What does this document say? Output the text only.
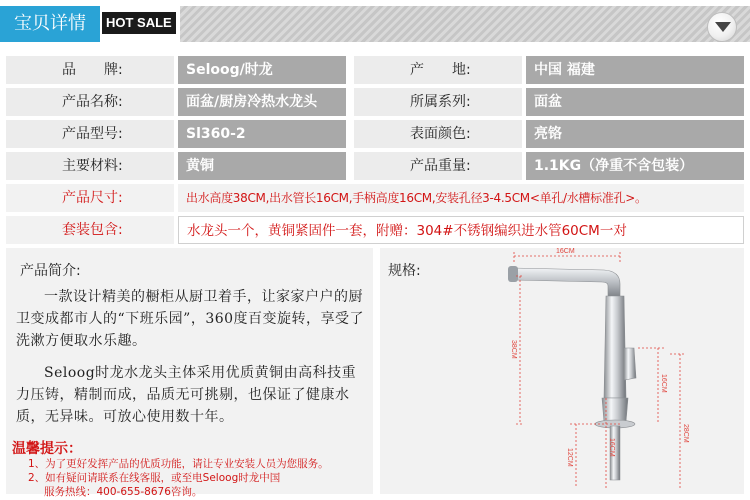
宝贝详情	HOT SALE
品　　牌:	Seloog/时龙	产　　地:	中国 福建
产品名称:	面盆/厨房冷热水龙头	所属系列:	面盆
产品型号:	Sl360-2	表面颜色:	亮铬
主要材料:	黄铜	产品重量:	1.1KG（净重不含包装）
产品尺寸:	出水高度38CM,出水管长16CM,手柄高度16CM,安装孔径3-4.5CM<单孔/水槽标准孔>。
套装包含:	水龙头一个，黄铜紧固件一套，附赠：304#不锈钢编织进水管60CM一对
产品简介:
一款设计精美的橱柜从厨卫着手，让家家户户的厨卫变成都市人的“下班乐园”，360度百变旋转，享受了洗漱方便取水乐趣。
Seloog时龙水龙头主体采用优质黄铜由高科技重力压铸，精制而成，品质无可挑剔，也保证了健康水质，无异味。可放心使用数十年。
温馨提示：
1、为了更好发挥产品的优质功能，请让专业安装人员为您服务。
2、如有疑问请联系在线客服，或至电Seloog时龙中国
服务热线：400-655-8676咨询。
规格:
16CM
38CM
16CM
12CM
16CM
28CM
